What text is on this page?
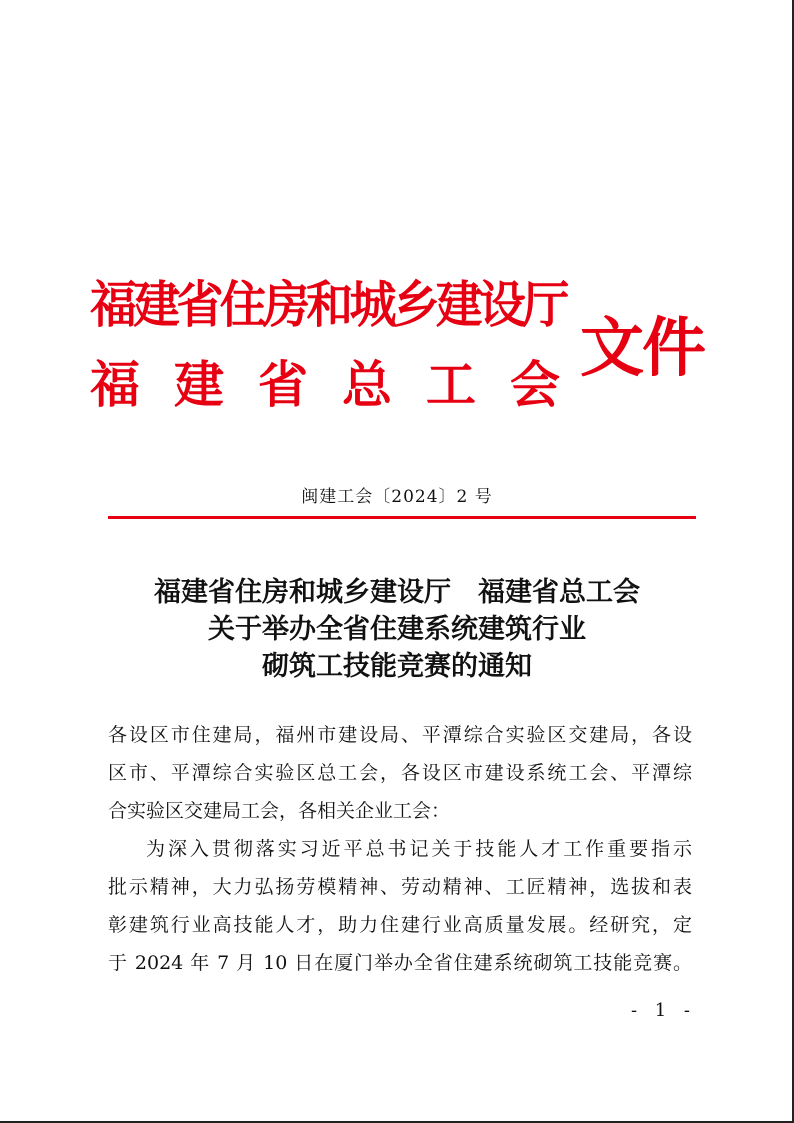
福建省住房和城乡建设厅
福建省总工会
文件
闽建工会〔2024〕2 号
福建省住房和城乡建设厅　福建省总工会
关于举办全省住建系统建筑行业
砌筑工技能竞赛的通知
各设区市住建局，福州市建设局、平潭综合实验区交建局，各设
区市、平潭综合实验区总工会，各设区市建设系统工会、平潭综
合实验区交建局工会，各相关企业工会：
为深入贯彻落实习近平总书记关于技能人才工作重要指示
批示精神，大力弘扬劳模精神、劳动精神、工匠精神，选拔和表
彰建筑行业高技能人才，助力住建行业高质量发展。经研究，定
于 2024 年 7 月 10 日在厦门举办全省住建系统砌筑工技能竞赛。
- 1 -
